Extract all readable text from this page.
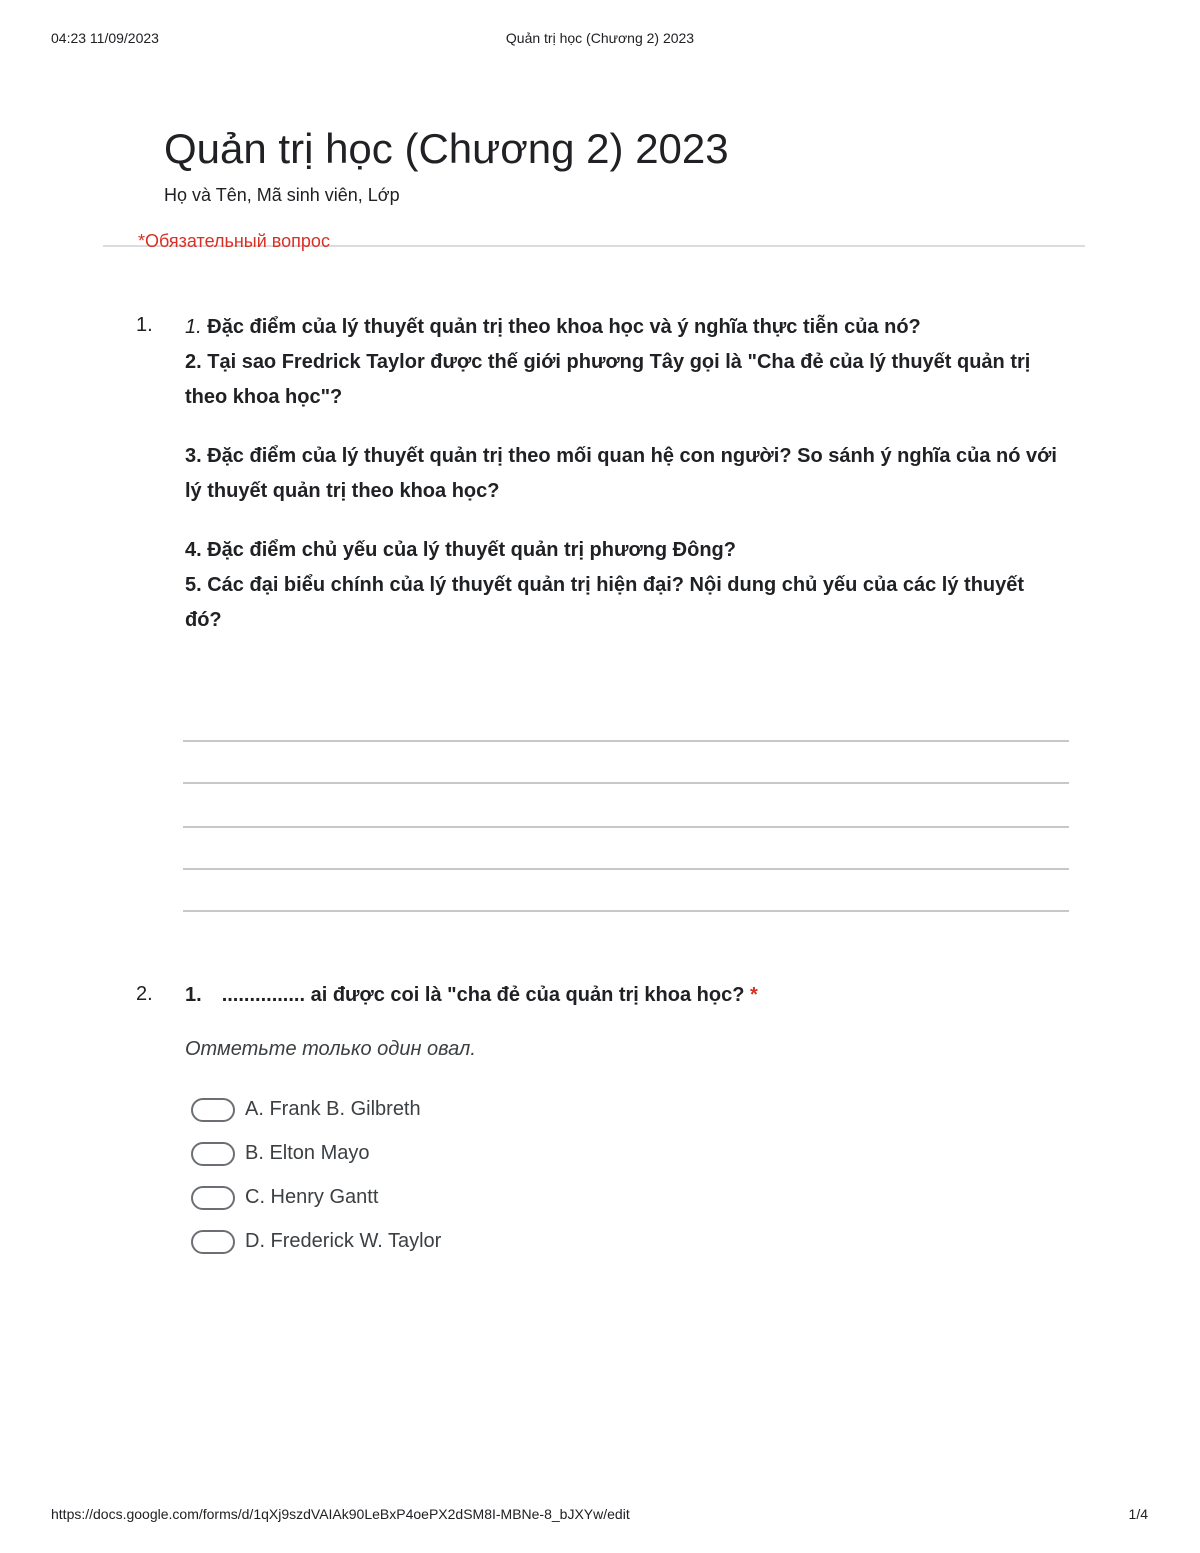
04:23 11/09/2023	Quản trị học (Chương 2) 2023
Quản trị học (Chương 2) 2023
Họ và Tên, Mã sinh viên, Lớp
*Обязательный вопрос
1. 1. Đặc điểm của lý thuyết quản trị theo khoa học và ý nghĩa thực tiễn của nó?
2. Tại sao Fredrick Taylor được thế giới phương Tây gọi là "Cha đẻ của lý thuyết quản trị theo khoa học"?

3. Đặc điểm của lý thuyết quản trị theo mối quan hệ con người? So sánh ý nghĩa của nó với lý thuyết quản trị theo khoa học?

4. Đặc điểm chủ yếu của lý thuyết quản trị phương Đông?
5. Các đại biểu chính của lý thuyết quản trị hiện đại? Nội dung chủ yếu của các lý thuyết đó?

2. 1. ............... ai được coi là "cha đẻ của quản trị khoa học? *
Отметьте только один овал.
A. Frank B. Gilbreth
B. Elton Mayo
C. Henry Gantt
D. Frederick W. Taylor
https://docs.google.com/forms/d/1qXj9szdVAIAk90LeBxP4oePX2dSM8I-MBNe-8_bJXYw/edit	1/4
